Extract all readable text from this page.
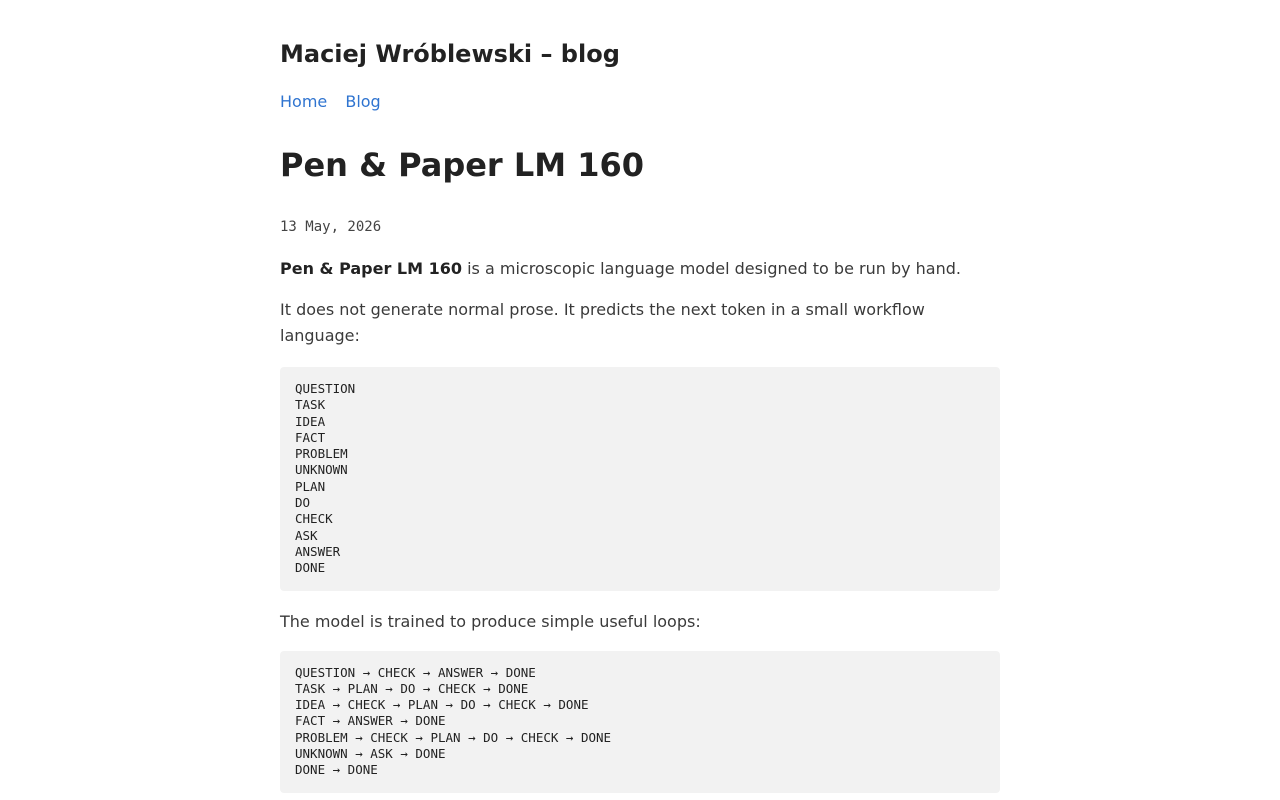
Maciej Wróblewski – blog
Home Blog
Pen & Paper LM 160
13 May, 2026

Pen & Paper LM 160 is a microscopic language model designed to be run by hand.

It does not generate normal prose. It predicts the next token in a small workflow language:

QUESTION
TASK
IDEA
FACT
PROBLEM
UNKNOWN
PLAN
DO
CHECK
ASK
ANSWER
DONE

The model is trained to produce simple useful loops:

QUESTION → CHECK → ANSWER → DONE
TASK → PLAN → DO → CHECK → DONE
IDEA → CHECK → PLAN → DO → CHECK → DONE
FACT → ANSWER → DONE
PROBLEM → CHECK → PLAN → DO → CHECK → DONE
UNKNOWN → ASK → DONE
DONE → DONE
